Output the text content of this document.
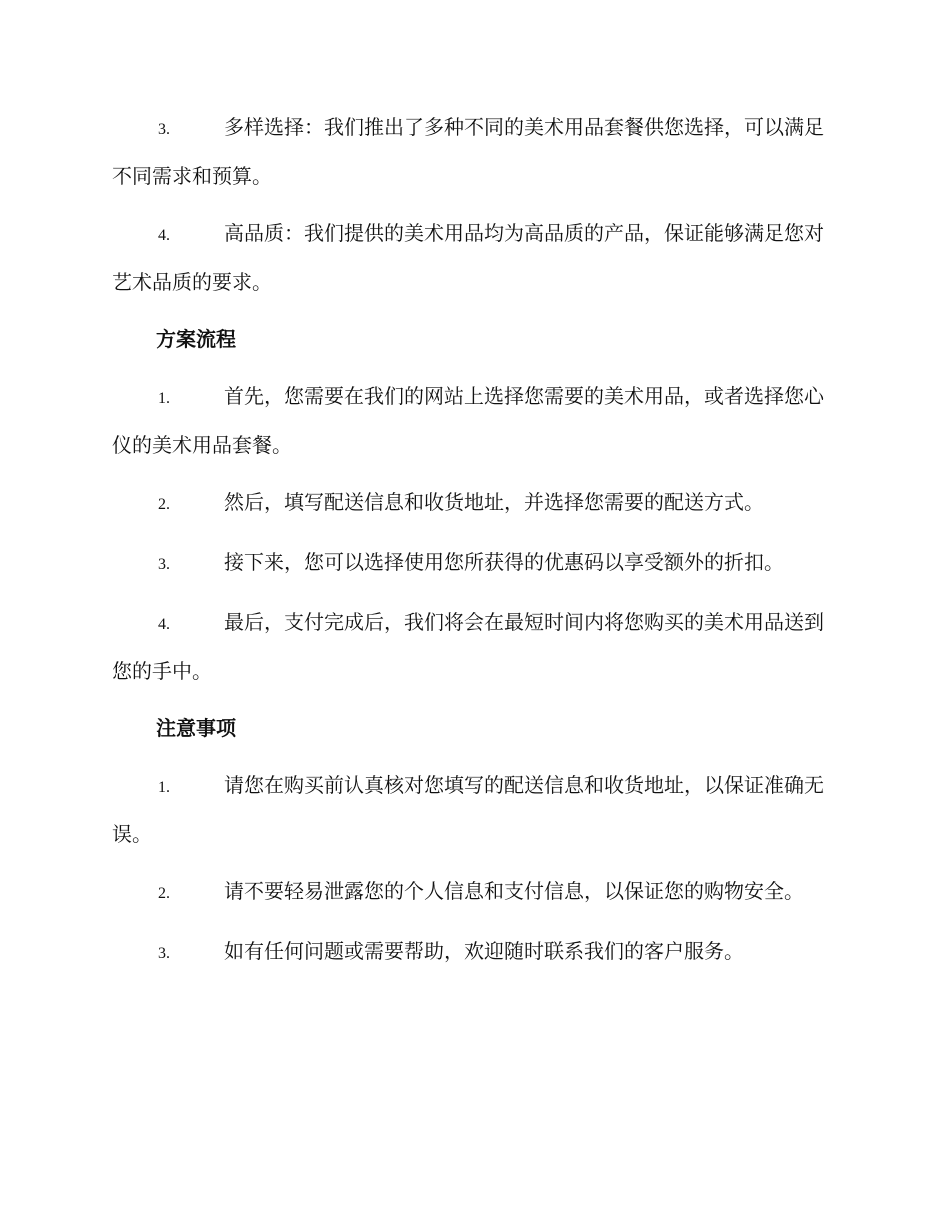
3.	多样选择：我们推出了多种不同的美术用品套餐供您选择，可以满足不同需求和预算。
4.	高品质：我们提供的美术用品均为高品质的产品，保证能够满足您对艺术品质的要求。
方案流程
1.	首先，您需要在我们的网站上选择您需要的美术用品，或者选择您心仪的美术用品套餐。
2.	然后，填写配送信息和收货地址，并选择您需要的配送方式。
3.	接下来，您可以选择使用您所获得的优惠码以享受额外的折扣。
4.	最后，支付完成后，我们将会在最短时间内将您购买的美术用品送到您的手中。
注意事项
1.	请您在购买前认真核对您填写的配送信息和收货地址，以保证准确无误。
2.	请不要轻易泄露您的个人信息和支付信息，以保证您的购物安全。
3.	如有任何问题或需要帮助，欢迎随时联系我们的客户服务。
